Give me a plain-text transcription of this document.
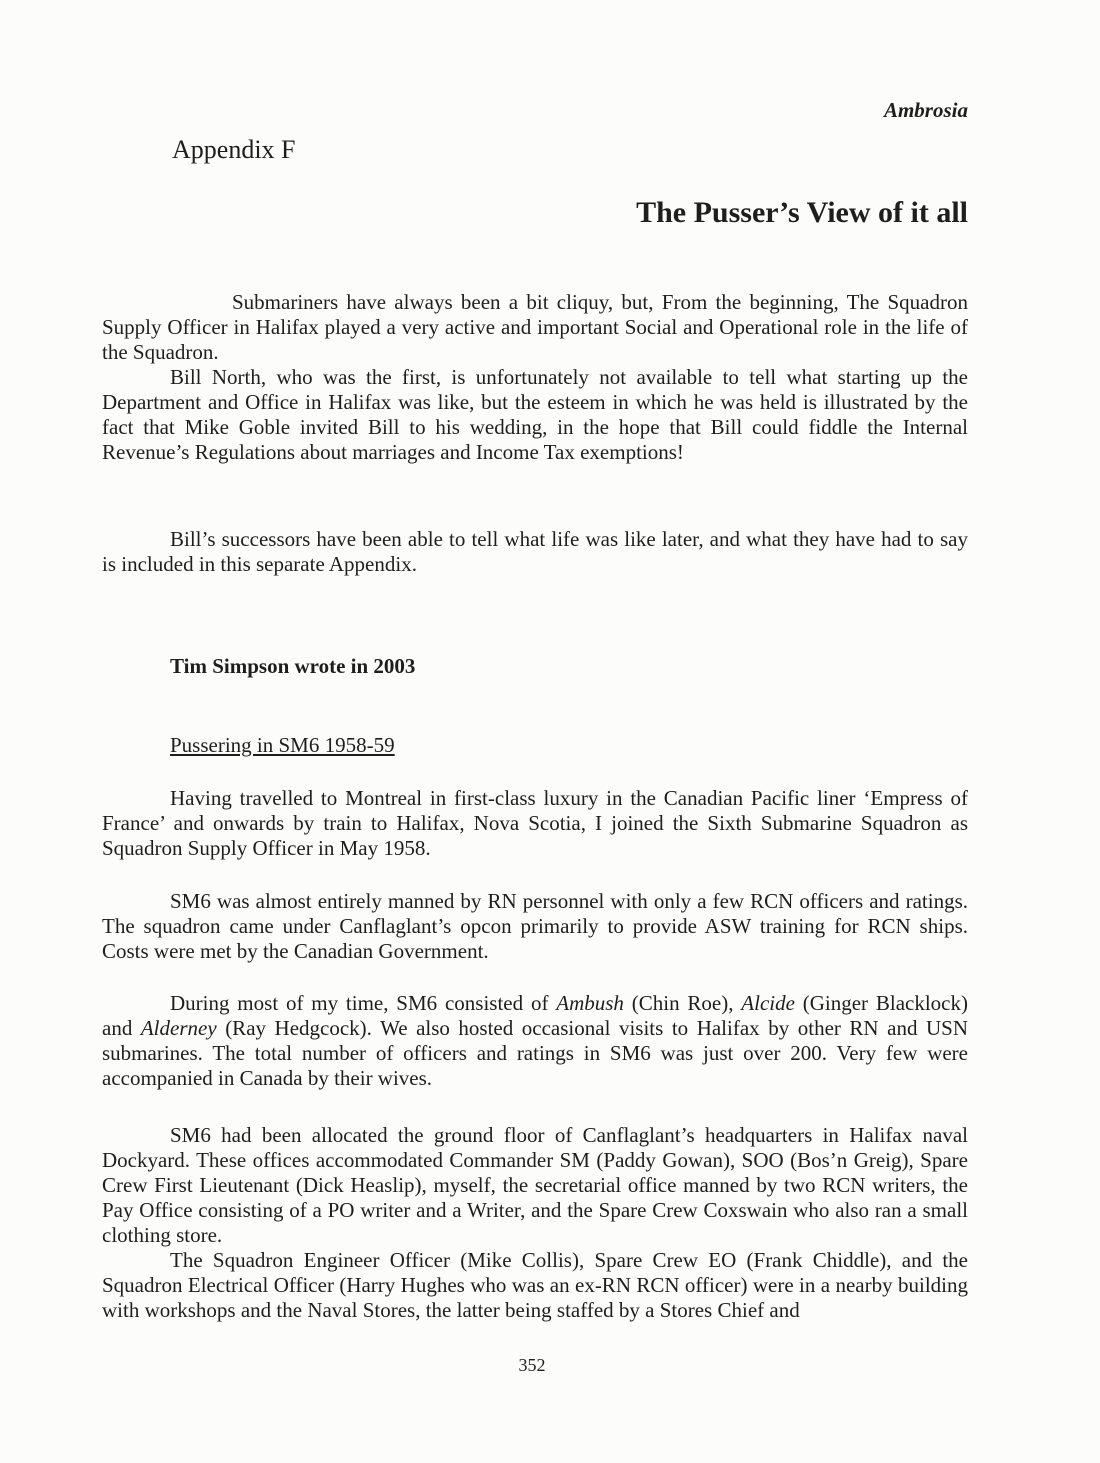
Ambrosia
Appendix F
The Pusser’s View of it all

Submariners have always been a bit cliquy, but, From the beginning, The Squadron Supply Officer in Halifax played a very active and important Social and Operational role in the life of the Squadron.

Bill North, who was the first, is unfortunately not available to tell what starting up the Department and Office in Halifax was like, but the esteem in which he was held is illustrated by the fact that Mike Goble invited Bill to his wedding, in the hope that Bill could fiddle the Internal Revenue’s Regulations about marriages and Income Tax exemptions!

Bill’s successors have been able to tell what life was like later, and what they have had to say is included in this separate Appendix.

Tim Simpson wrote in 2003
Pussering in SM6 1958-59

Having travelled to Montreal in first-class luxury in the Canadian Pacific liner ‘Empress of France’ and onwards by train to Halifax, Nova Scotia, I joined the Sixth Submarine Squadron as Squadron Supply Officer in May 1958.

SM6 was almost entirely manned by RN personnel with only a few RCN officers and ratings. The squadron came under Canflaglant’s opcon primarily to provide ASW training for RCN ships. Costs were met by the Canadian Government.

During most of my time, SM6 consisted of Ambush (Chin Roe), Alcide (Ginger Blacklock) and Alderney (Ray Hedgcock). We also hosted occasional visits to Halifax by other RN and USN submarines. The total number of officers and ratings in SM6 was just over 200. Very few were accompanied in Canada by their wives.

SM6 had been allocated the ground floor of Canflaglant’s headquarters in Halifax naval Dockyard. These offices accommodated Commander SM (Paddy Gowan), SOO (Bos’n Greig), Spare Crew First Lieutenant (Dick Heaslip), myself, the secretarial office manned by two RCN writers, the Pay Office consisting of a PO writer and a Writer, and the Spare Crew Coxswain who also ran a small clothing store.

The Squadron Engineer Officer (Mike Collis), Spare Crew EO (Frank Chiddle), and the Squadron Electrical Officer (Harry Hughes who was an ex-RN RCN officer) were in a nearby building with workshops and the Naval Stores, the latter being staffed by a Stores Chief and

352
